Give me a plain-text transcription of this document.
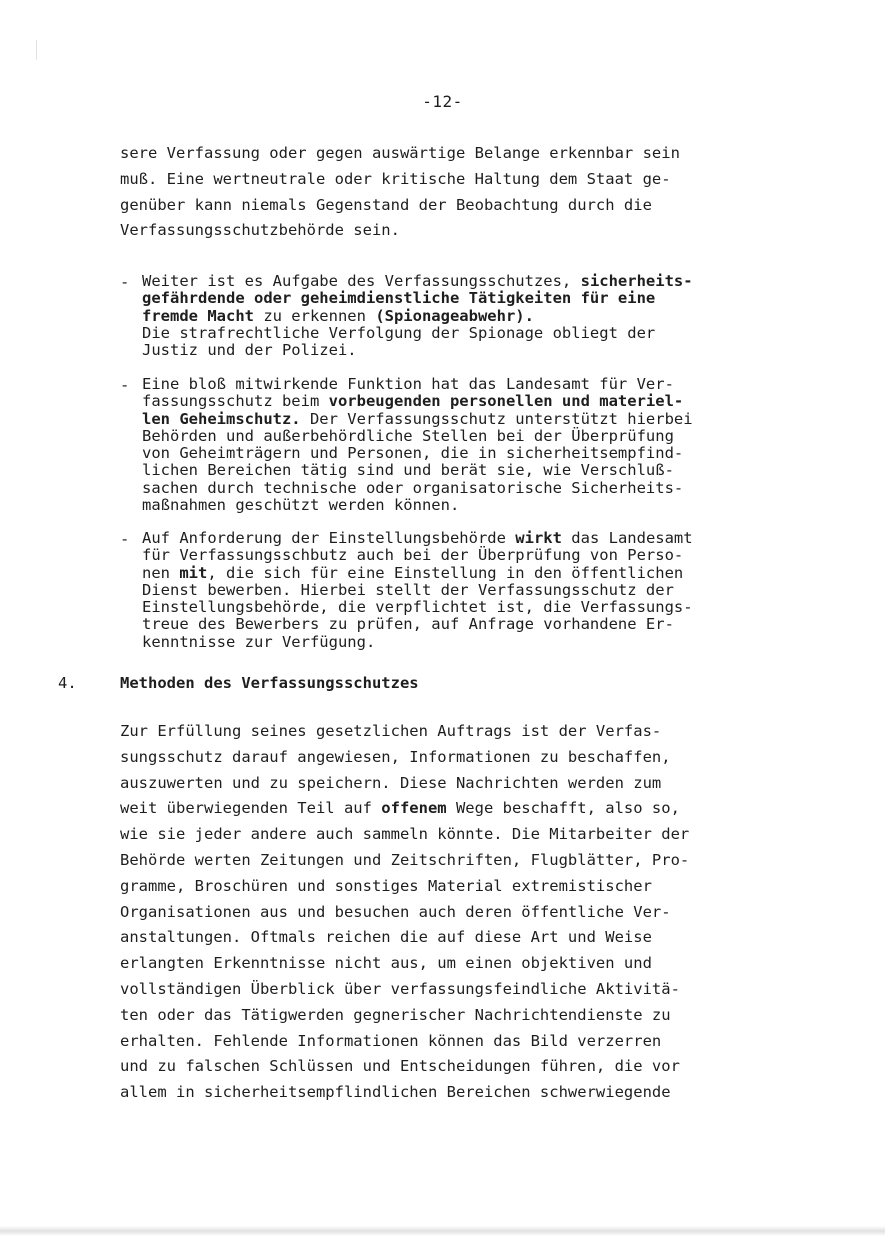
-12-
sere Verfassung oder gegen auswärtige Belange erkennbar sein
muß. Eine wertneutrale oder kritische Haltung dem Staat ge-
genüber kann niemals Gegenstand der Beobachtung durch die
Verfassungsschutzbehörde sein.
- Weiter ist es Aufgabe des Verfassungsschutzes, sicherheits-
gefährdende oder geheimdienstliche Tätigkeiten für eine
fremde Macht zu erkennen (Spionageabwehr).
Die strafrechtliche Verfolgung der Spionage obliegt der
Justiz und der Polizei.
- Eine bloß mitwirkende Funktion hat das Landesamt für Ver-
fassungsschutz beim vorbeugenden personellen und materiel-
len Geheimschutz. Der Verfassungsschutz unterstützt hierbei
Behörden und außerbehördliche Stellen bei der Überprüfung
von Geheimträgern und Personen, die in sicherheitsempfind-
lichen Bereichen tätig sind und berät sie, wie Verschluß-
sachen durch technische oder organisatorische Sicherheits-
maßnahmen geschützt werden können.
- Auf Anforderung der Einstellungsbehörde wirkt das Landesamt
für Verfassungsschbutz auch bei der Überprüfung von Perso-
nen mit, die sich für eine Einstellung in den öffentlichen
Dienst bewerben. Hierbei stellt der Verfassungsschutz der
Einstellungsbehörde, die verpflichtet ist, die Verfassungs-
treue des Bewerbers zu prüfen, auf Anfrage vorhandene Er-
kenntnisse zur Verfügung.
4.	Methoden des Verfassungsschutzes
Zur Erfüllung seines gesetzlichen Auftrags ist der Verfas-
sungsschutz darauf angewiesen, Informationen zu beschaffen,
auszuwerten und zu speichern. Diese Nachrichten werden zum
weit überwiegenden Teil auf offenem Wege beschafft, also so,
wie sie jeder andere auch sammeln könnte. Die Mitarbeiter der
Behörde werten Zeitungen und Zeitschriften, Flugblätter, Pro-
gramme, Broschüren und sonstiges Material extremistischer
Organisationen aus und besuchen auch deren öffentliche Ver-
anstaltungen. Oftmals reichen die auf diese Art und Weise
erlangten Erkenntnisse nicht aus, um einen objektiven und
vollständigen Überblick über verfassungsfeindliche Aktivitä-
ten oder das Tätigwerden gegnerischer Nachrichtendienste zu
erhalten. Fehlende Informationen können das Bild verzerren
und zu falschen Schlüssen und Entscheidungen führen, die vor
allem in sicherheitsempflindlichen Bereichen schwerwiegende
